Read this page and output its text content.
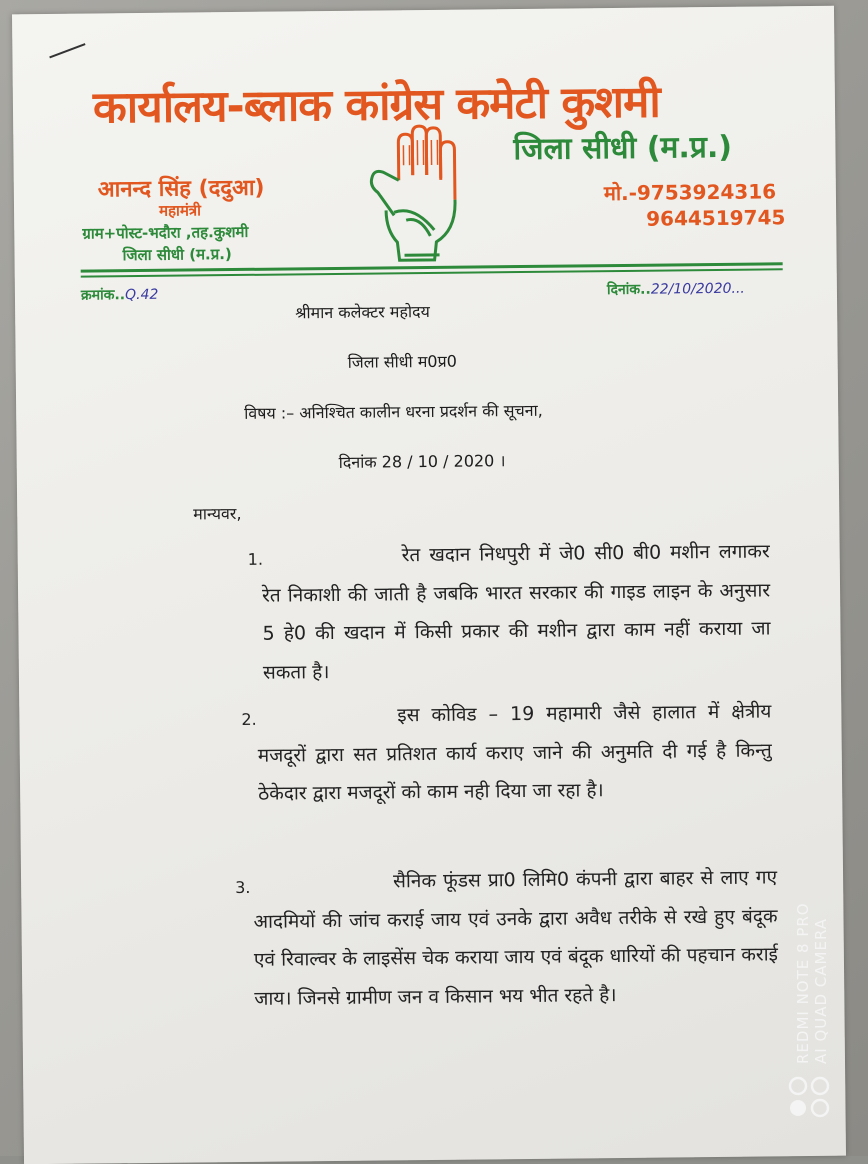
कार्यालय-ब्लाक कांग्रेस कमेटी कुशमी
जिला सीधी (म.प्र.)
आनन्द सिंह (ददुआ)
महामंत्री
ग्राम+पोस्ट-भदौरा ,तह.कुशमी
जिला सीधी (म.प्र.)
मो.-9753924316
9644519745
क्रमांक..Q.42	दिनांक..22/10/2020...
श्रीमान कलेक्टर महोदय
जिला सीधी म0प्र0
विषय :– अनिश्चित कालीन धरना प्रदर्शन की सूचना,
दिनांक 28 / 10 / 2020 ।
मान्यवर,
1.	रेत खदान निधपुरी में जे0 सी0 बी0 मशीन लगाकर रेत निकाशी की जाती है जबकि भारत सरकार की गाइड लाइन के अनुसार 5 हे0 की खदान में किसी प्रकार की मशीन द्वारा काम नहीं कराया जा सकता है।
2.	इस कोविड – 19 महामारी जैसे हालात में क्षेत्रीय मजदूरों द्वारा सत प्रतिशत कार्य कराए जाने की अनुमति दी गई है किन्तु ठेकेदार द्वारा मजदूरों को काम नही दिया जा रहा है।
3.	सैनिक फूंडस प्रा0 लिमि0 कंपनी द्वारा बाहर से लाए गए आदमियों की जांच कराई जाय एवं उनके द्वारा अवैध तरीके से रखे हुए बंदूक एवं रिवाल्वर के लाइसेंस चेक कराया जाय एवं बंदूक धारियों की पहचान कराई जाय। जिनसे ग्रामीण जन व किसान भय भीत रहते है।	REDMI NOTE 8 PRO AI QUAD CAMERA
